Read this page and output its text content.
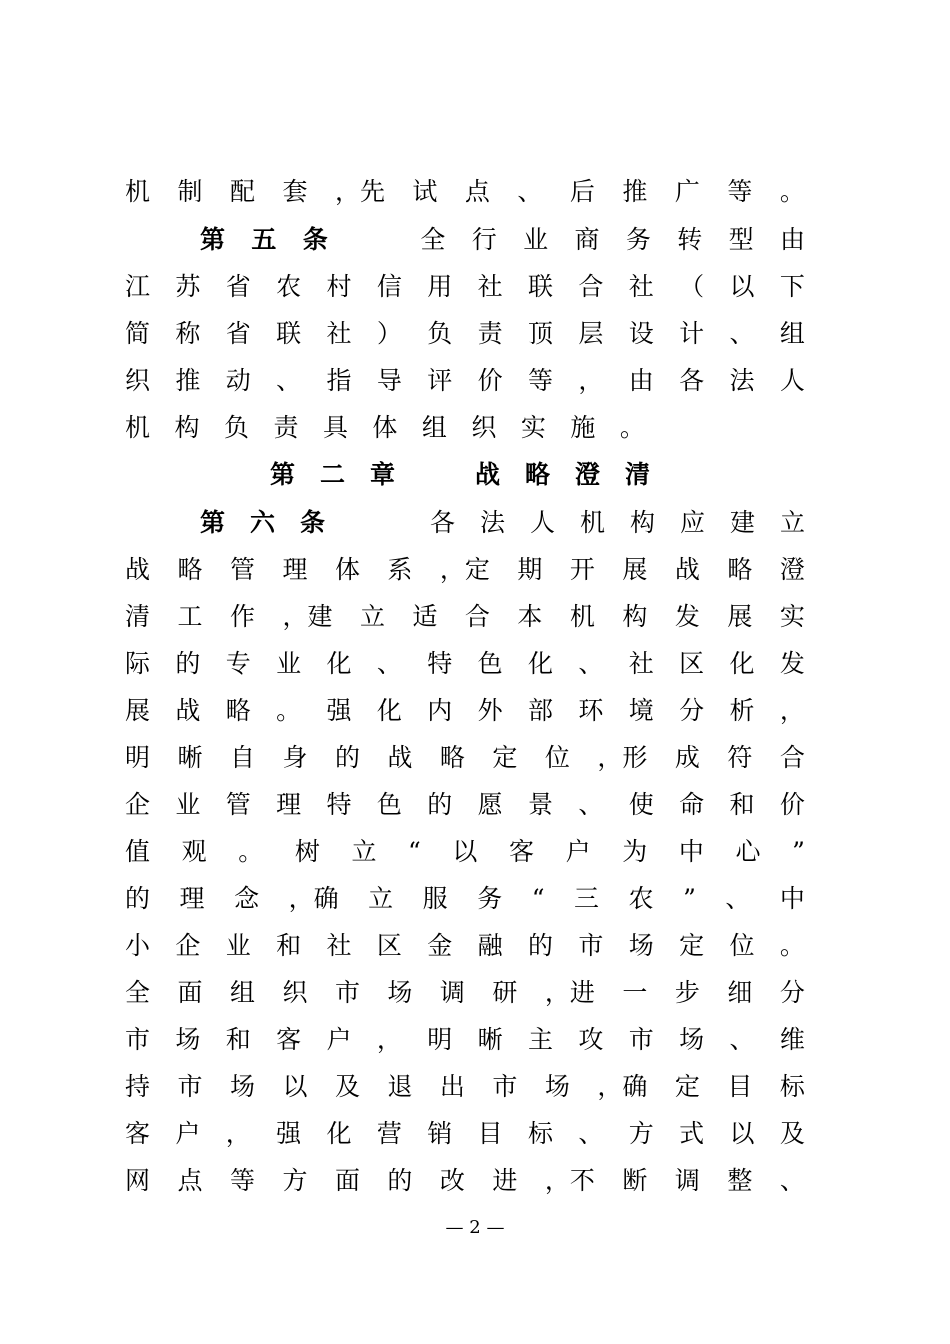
机 制 配 套 ，先 试 点 、 后 推 广 等 。
第 五 条	全 行 业 商 务 转 型 由
江 苏 省 农 村 信 用 社 联 合 社 （ 以 下
简 称 省 联 社 ） 负 责 顶 层 设 计 、 组
织 推 动 、 指 导 评 价 等 ， 由 各 法 人
机 构 负 责 具 体 组 织 实 施 。
第 二 章	战 略 澄 清
第 六 条	各 法 人 机 构 应 建 立
战 略 管 理 体 系 ，定 期 开 展 战 略 澄
清 工 作 ，建 立 适 合 本 机 构 发 展 实
际 的 专 业 化 、 特 色 化 、 社 区 化 发
展 战 略 。 强 化 内 外 部 环 境 分 析 ，
明 晰 自 身 的 战 略 定 位 ，形 成 符 合
企 业 管 理 特 色 的 愿 景 、 使 命 和 价
值 观 。 树 立 “ 以 客 户 为 中 心 ”
的 理 念 ，确 立 服 务 “ 三 农 ” 、 中
小 企 业 和 社 区 金 融 的 市 场 定 位 。
全 面 组 织 市 场 调 研 ，进 一 步 细 分
市 场 和 客 户 ， 明 晰 主 攻 市 场 、 维
持 市 场 以 及 退 出 市 场 ，确 定 目 标
客 户 ， 强 化 营 销 目 标 、 方 式 以 及
网 点 等 方 面 的 改 进 ，不 断 调 整 、
— 2 —
